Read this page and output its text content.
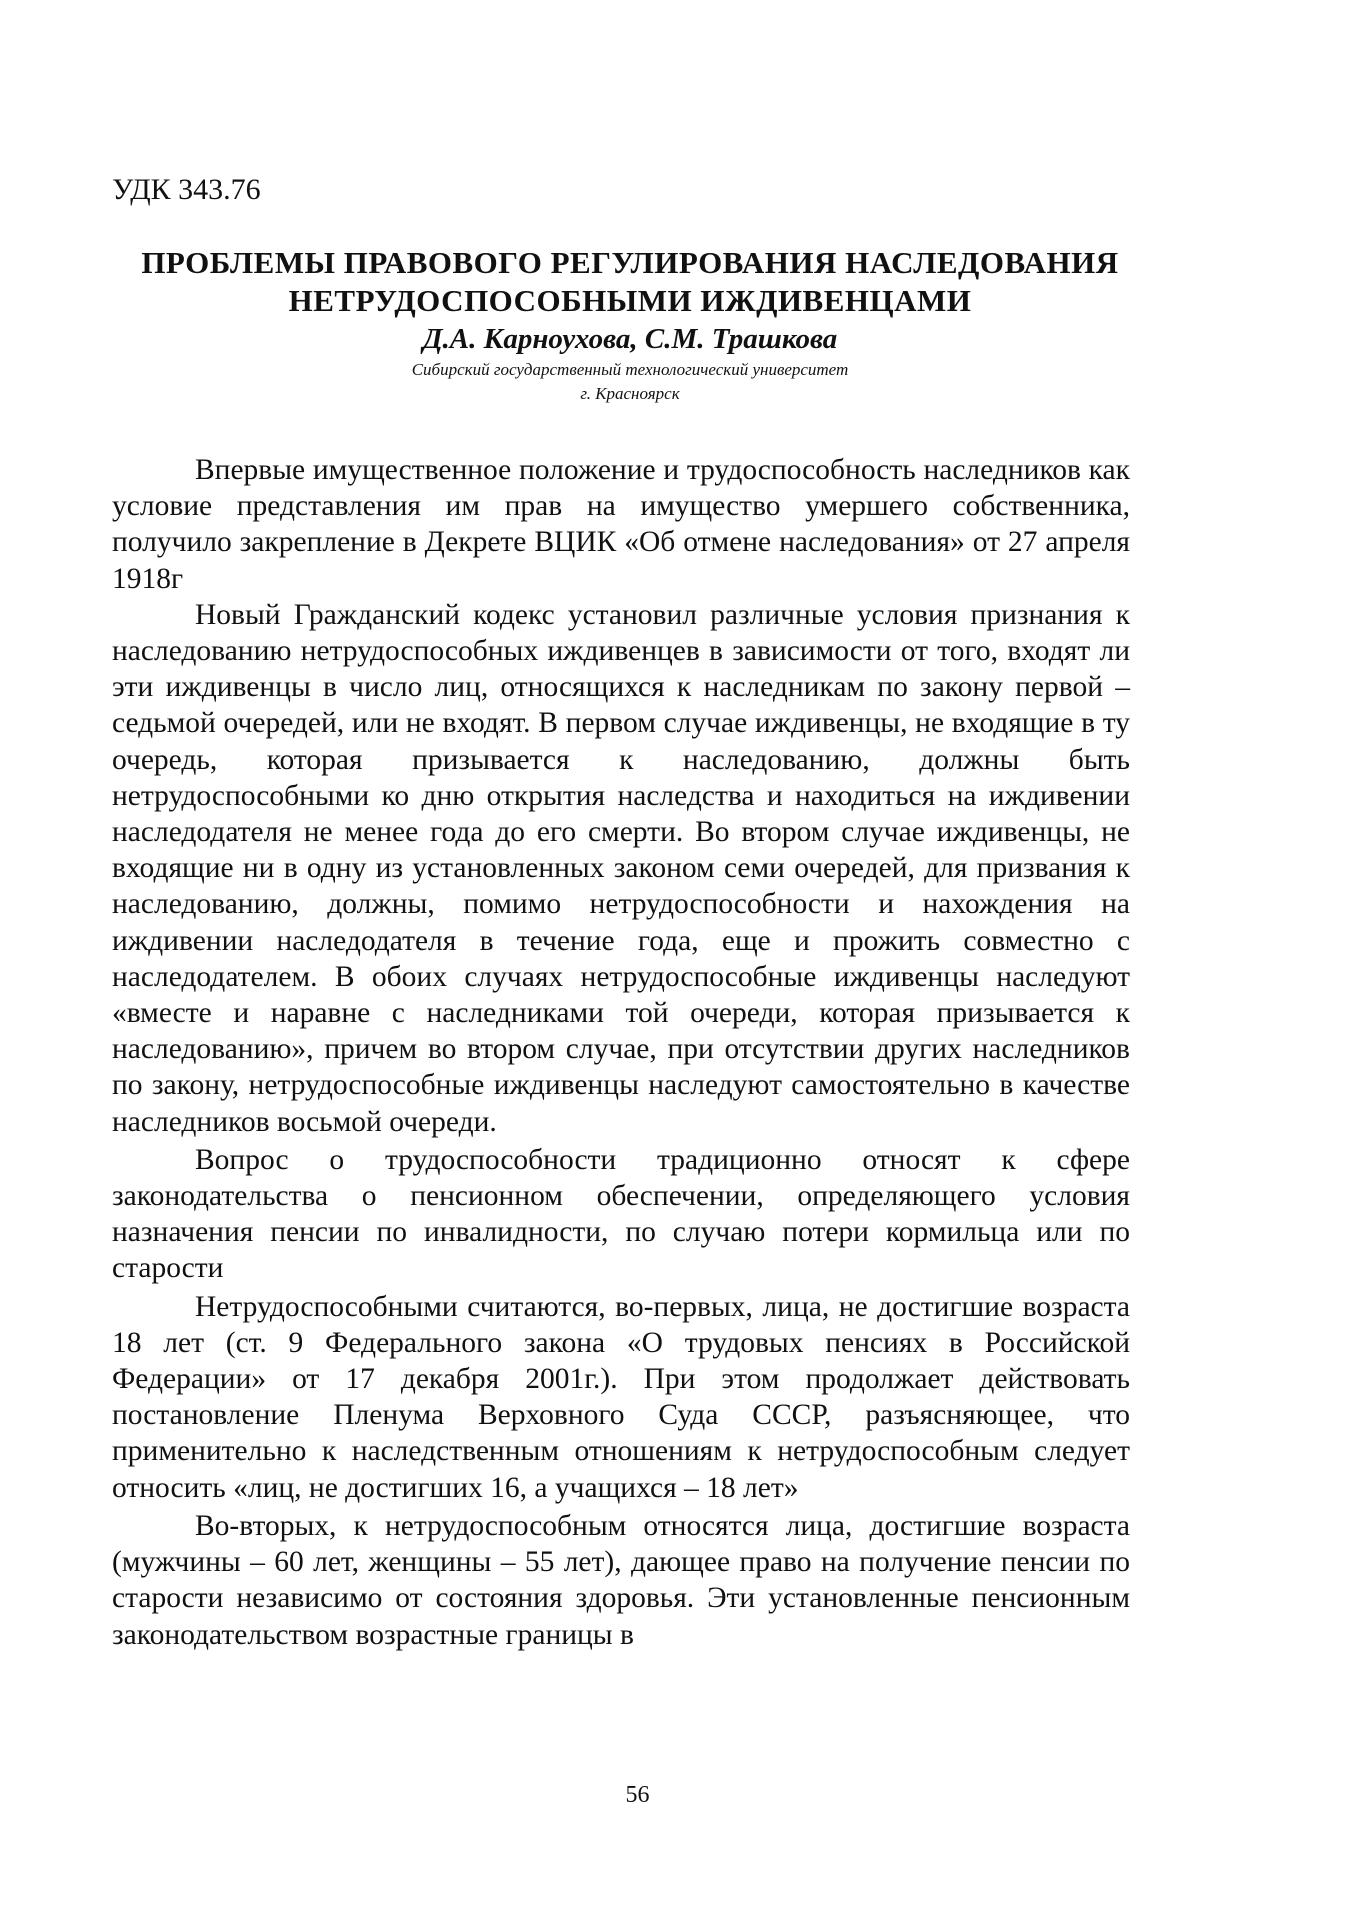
УДК 343.76
ПРОБЛЕМЫ ПРАВОВОГО РЕГУЛИРОВАНИЯ НАСЛЕДОВАНИЯ
НЕТРУДОСПОСОБНЫМИ ИЖДИВЕНЦАМИ
Д.А. Карноухова, С.М. Трашкова
Сибирский государственный технологический университет
г. Красноярск

Впервые имущественное положение и трудоспособность наследников как условие представления им прав на имущество умершего собственника, получило закрепление в Декрете ВЦИК «Об отмене наследования» от 27 апреля 1918г

Новый Гражданский кодекс установил различные условия признания к наследованию нетрудоспособных иждивенцев в зависимости от того, входят ли эти иждивенцы в число лиц, относящихся к наследникам по закону первой – седьмой очередей, или не входят. В первом случае иждивенцы, не входящие в ту очередь, которая призывается к наследованию, должны быть нетрудоспособными ко дню открытия наследства и находиться на иждивении наследодателя не менее года до его смерти. Во втором случае иждивенцы, не входящие ни в одну из установленных законом семи очередей, для призвания к наследованию, должны, помимо нетрудоспособности и нахождения на иждивении наследодателя в течение года, еще и прожить совместно с наследодателем. В обоих случаях нетрудоспособные иждивенцы наследуют «вместе и наравне с наследниками той очереди, которая призывается к наследованию», причем во втором случае, при отсутствии других наследников по закону, нетрудоспособные иждивенцы наследуют самостоятельно в качестве наследников восьмой очереди.

Вопрос о трудоспособности традиционно относят к сфере законодательства о пенсионном обеспечении, определяющего условия назначения пенсии по инвалидности, по случаю потери кормильца или по старости

Нетрудоспособными считаются, во-первых, лица, не достигшие возраста 18 лет (ст. 9 Федерального закона «О трудовых пенсиях в Российской Федерации» от 17 декабря 2001г.). При этом продолжает действовать постановление Пленума Верховного Суда СССР, разъясняющее, что применительно к наследственным отношениям к нетрудоспособным следует относить «лиц, не достигших 16, а учащихся – 18 лет»

Во-вторых, к нетрудоспособным относятся лица, достигшие возраста (мужчины – 60 лет, женщины – 55 лет), дающее право на получение пенсии по старости независимо от состояния здоровья. Эти установленные пенсионным законодательством возрастные границы в

56
